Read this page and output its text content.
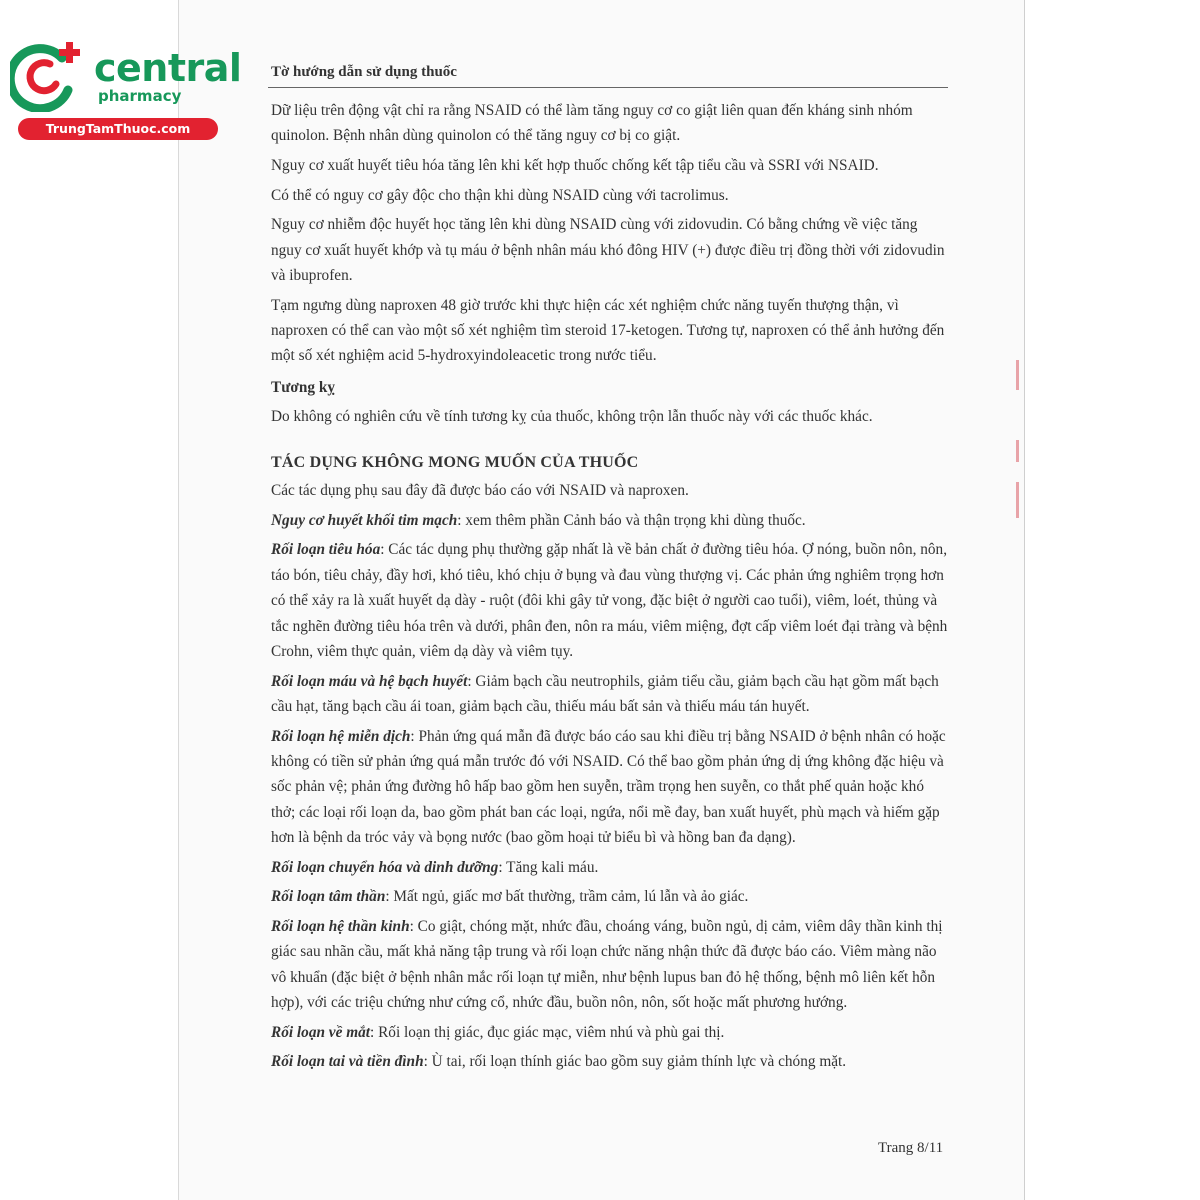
central
pharmacy
TrungTamThuoc.com
Tờ hướng dẫn sử dụng thuốc

Dữ liệu trên động vật chỉ ra rằng NSAID có thể làm tăng nguy cơ co giật liên quan đến kháng sinh nhóm quinolon. Bệnh nhân dùng quinolon có thể tăng nguy cơ bị co giật.

Nguy cơ xuất huyết tiêu hóa tăng lên khi kết hợp thuốc chống kết tập tiểu cầu và SSRI với NSAID.

Có thể có nguy cơ gây độc cho thận khi dùng NSAID cùng với tacrolimus.

Nguy cơ nhiễm độc huyết học tăng lên khi dùng NSAID cùng với zidovudin. Có bằng chứng về việc tăng nguy cơ xuất huyết khớp và tụ máu ở bệnh nhân máu khó đông HIV (+) được điều trị đồng thời với zidovudin và ibuprofen.

Tạm ngưng dùng naproxen 48 giờ trước khi thực hiện các xét nghiệm chức năng tuyến thượng thận, vì naproxen có thể can vào một số xét nghiệm tìm steroid 17-ketogen. Tương tự, naproxen có thể ảnh hưởng đến một số xét nghiệm acid 5-hydroxyindoleacetic trong nước tiểu.

Tương kỵ

Do không có nghiên cứu về tính tương kỵ của thuốc, không trộn lẫn thuốc này với các thuốc khác.

TÁC DỤNG KHÔNG MONG MUỐN CỦA THUỐC

Các tác dụng phụ sau đây đã được báo cáo với NSAID và naproxen.

Nguy cơ huyết khối tim mạch: xem thêm phần Cảnh báo và thận trọng khi dùng thuốc.

Rối loạn tiêu hóa: Các tác dụng phụ thường gặp nhất là về bản chất ở đường tiêu hóa. Ợ nóng, buồn nôn, nôn, táo bón, tiêu chảy, đầy hơi, khó tiêu, khó chịu ở bụng và đau vùng thượng vị. Các phản ứng nghiêm trọng hơn có thể xảy ra là xuất huyết dạ dày - ruột (đôi khi gây tử vong, đặc biệt ở người cao tuổi), viêm, loét, thủng và tắc nghẽn đường tiêu hóa trên và dưới, phân đen, nôn ra máu, viêm miệng, đợt cấp viêm loét đại tràng và bệnh Crohn, viêm thực quản, viêm dạ dày và viêm tụy.

Rối loạn máu và hệ bạch huyết: Giảm bạch cầu neutrophils, giảm tiểu cầu, giảm bạch cầu hạt gồm mất bạch cầu hạt, tăng bạch cầu ái toan, giảm bạch cầu, thiếu máu bất sản và thiếu máu tán huyết.

Rối loạn hệ miễn dịch: Phản ứng quá mẫn đã được báo cáo sau khi điều trị bằng NSAID ở bệnh nhân có hoặc không có tiền sử phản ứng quá mẫn trước đó với NSAID. Có thể bao gồm phản ứng dị ứng không đặc hiệu và sốc phản vệ; phản ứng đường hô hấp bao gồm hen suyễn, trầm trọng hen suyễn, co thắt phế quản hoặc khó thở; các loại rối loạn da, bao gồm phát ban các loại, ngứa, nổi mề đay, ban xuất huyết, phù mạch và hiếm gặp hơn là bệnh da tróc vảy và bọng nước (bao gồm hoại tử biểu bì và hồng ban đa dạng).

Rối loạn chuyển hóa và dinh dưỡng: Tăng kali máu.

Rối loạn tâm thần: Mất ngủ, giấc mơ bất thường, trầm cảm, lú lẫn và ảo giác.

Rối loạn hệ thần kinh: Co giật, chóng mặt, nhức đầu, choáng váng, buồn ngủ, dị cảm, viêm dây thần kinh thị giác sau nhãn cầu, mất khả năng tập trung và rối loạn chức năng nhận thức đã được báo cáo. Viêm màng não vô khuẩn (đặc biệt ở bệnh nhân mắc rối loạn tự miễn, như bệnh lupus ban đỏ hệ thống, bệnh mô liên kết hỗn hợp), với các triệu chứng như cứng cổ, nhức đầu, buồn nôn, nôn, sốt hoặc mất phương hướng.

Rối loạn về mắt: Rối loạn thị giác, đục giác mạc, viêm nhú và phù gai thị.

Rối loạn tai và tiền đình: Ù tai, rối loạn thính giác bao gồm suy giảm thính lực và chóng mặt.

Trang 8/11
